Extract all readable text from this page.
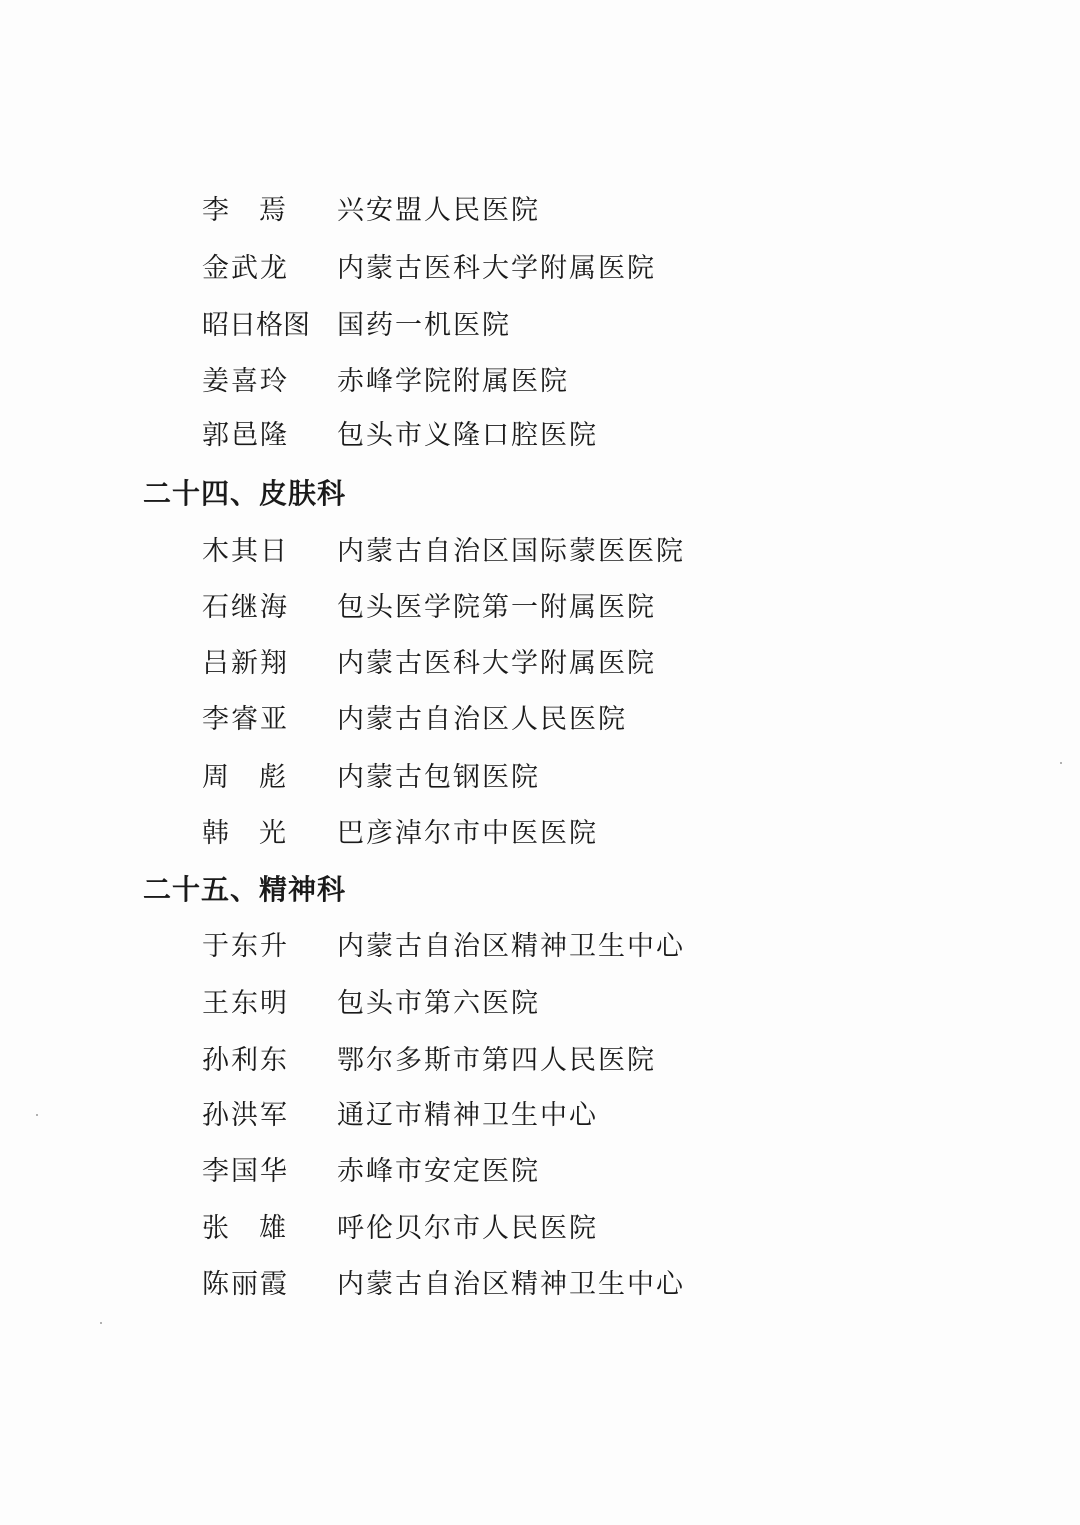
李 焉 兴安盟人民医院
金武龙	内蒙古医科大学附属医院
昭日格图 国药一机医院
姜喜玲	赤峰学院附属医院
郭邑隆	包头市义隆口腔医院
二十四、皮肤科
木其日	内蒙古自治区国际蒙医医院
石继海	包头医学院第一附属医院
吕新翔	内蒙古医科大学附属医院
李睿亚	内蒙古自治区人民医院
周 彪 内蒙古包钢医院
韩 光 巴彦淖尔市中医医院
二十五、精神科
于东升	内蒙古自治区精神卫生中心
王东明	包头市第六医院
孙利东	鄂尔多斯市第四人民医院
孙洪军	通辽市精神卫生中心
李国华	赤峰市安定医院
张 雄 呼伦贝尔市人民医院
陈丽霞	内蒙古自治区精神卫生中心
